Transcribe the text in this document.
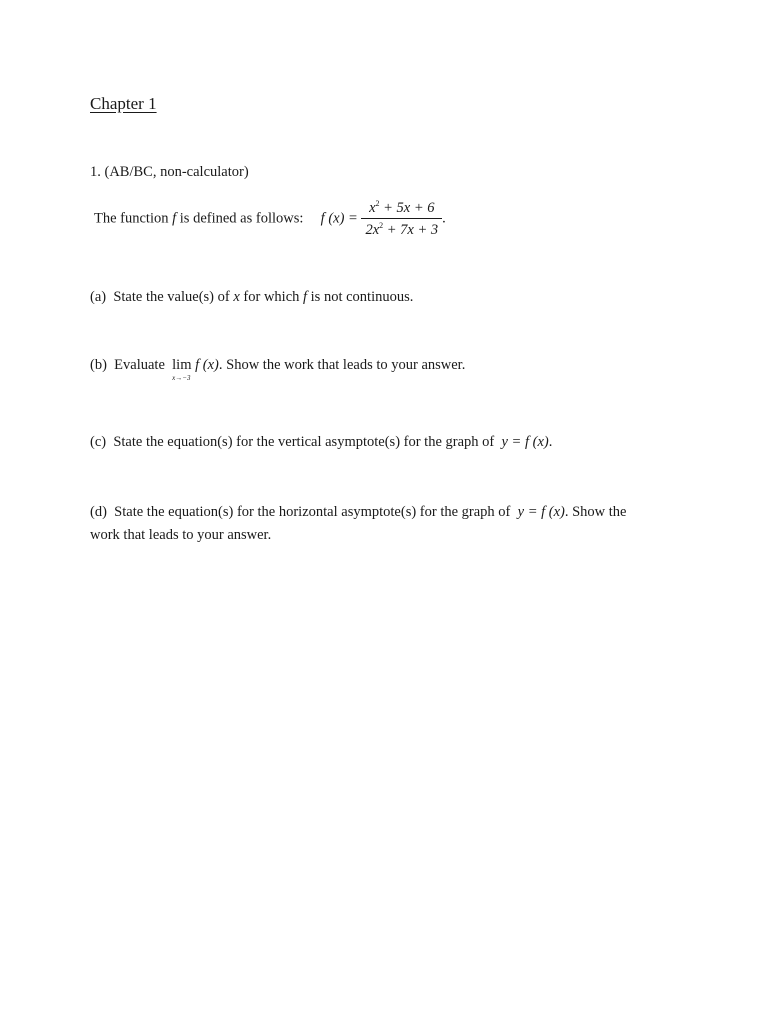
Chapter 1
1. (AB/BC, non-calculator)
The function f is defined as follows: f $(x) = \frac{x^2 + 5x + 6}{2x^2 + 7x + 3}$ .
(a) State the value(s) of x for which f is not continuous.
(b) Evaluate lim
x→−3
f (x). Show the work that leads to your answer.
(c) State the equation(s) for the vertical asymptote(s) for the graph of y = f (x).
(d) State the equation(s) for the horizontal asymptote(s) for the graph of y = f (x). Show the
work that leads to your answer.
